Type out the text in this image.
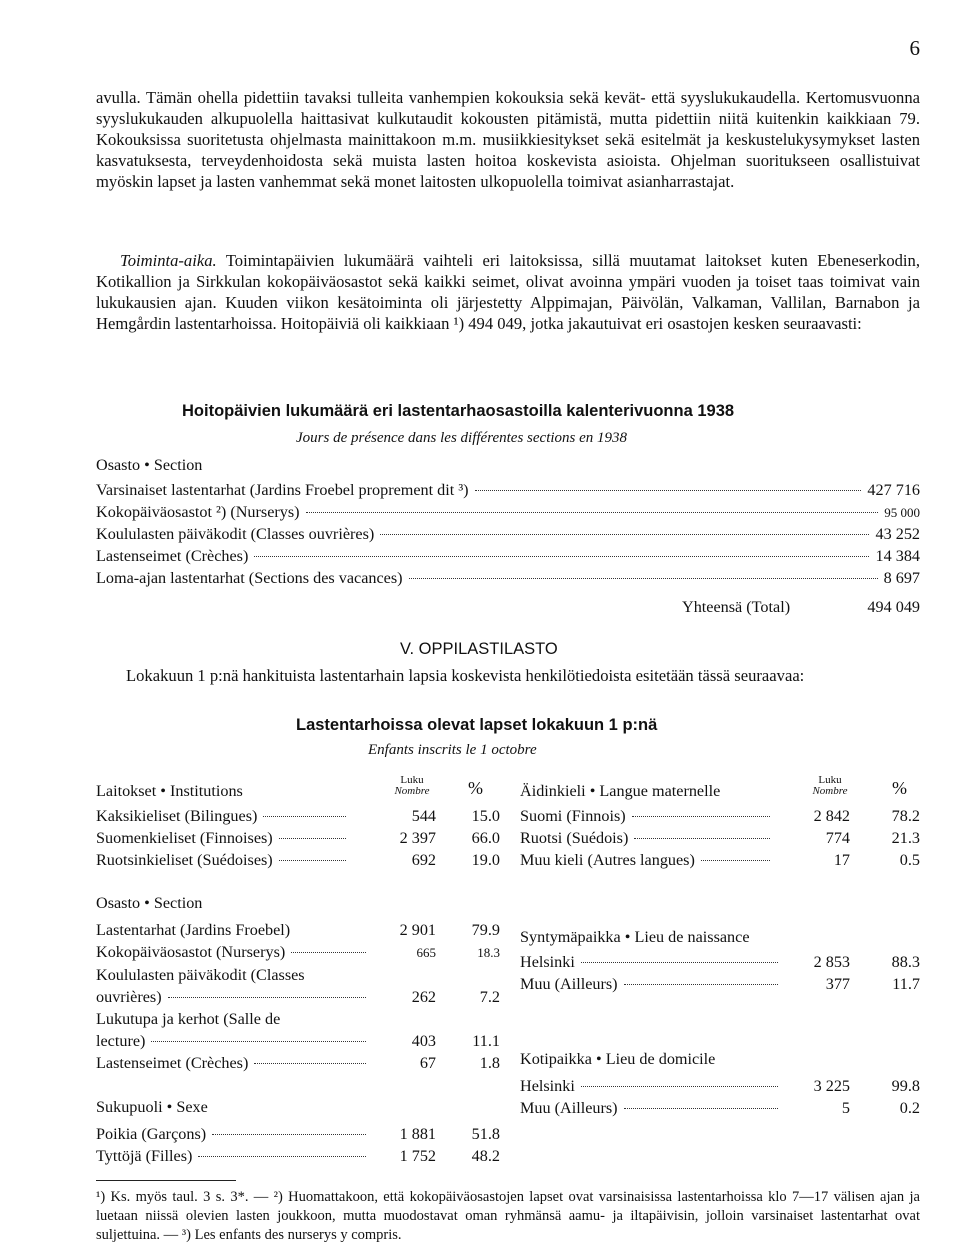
6
avulla. Tämän ohella pidettiin tavaksi tulleita vanhempien kokouksia sekä kevät- että syyslukukaudella. Kertomusvuonna syyslukukauden alkupuolella haittasivat kulkutaudit kokousten pitämistä, mutta pidettiin niitä kuitenkin kaikkiaan 79. Kokouksissa suoritetusta ohjelmasta mainittakoon m.m. musiikkiesitykset sekä esitelmät ja keskustelukysymykset lasten kasvatuksesta, terveydenhoidosta sekä muista lasten hoitoa koskevista asioista. Ohjelman suoritukseen osallistuivat myöskin lapset ja lasten vanhemmat sekä monet laitosten ulkopuolella toimivat asianharrastajat.
Toiminta-aika. Toimintapäivien lukumäärä vaihteli eri laitoksissa, sillä muutamat laitokset kuten Ebeneserkodin, Kotikallion ja Sirkkulan kokopäiväosastot sekä kaikki seimet, olivat avoinna ympäri vuoden ja toiset taas toimivat vain lukukausien ajan. Kuuden viikon kesätoiminta oli järjestetty Alppimajan, Päivölän, Valkaman, Vallilan, Barnabon ja Hemgårdin lastentarhoissa. Hoitopäiviä oli kaikkiaan ¹) 494 049, jotka jakautuivat eri osastojen kesken seuraavasti:
Hoitopäivien lukumäärä eri lastentarhaosastoilla kalenterivuonna 1938
Jours de présence dans les différentes sections en 1938
Osasto • Section
Varsinaiset lastentarhat (Jardins Froebel proprement dit ³)	427 716
Kokopäiväosastot ²) (Nurserys)	95 000
Koululasten päiväkodit (Classes ouvrières)	43 252
Lastenseimet (Crèches)	14 384
Loma-ajan lastentarhat (Sections des vacances)	8 697
Yhteensä (Total)	494 049
V. OPPILASTILASTO
Lokakuun 1 p:nä hankituista lastentarhain lapsia koskevista henkilötiedoista esitetään tässä seuraavaa:
Lastentarhoissa olevat lapset lokakuun 1 p:nä
Enfants inscrits le 1 octobre
Laitokset • Institutions
Luku
Nombre	% Äidinkieli • Langue maternelle
Luku
Nombre	%
Kaksikieliset (Bilingues)	544	15.0
Suomenkieliset (Finnoises)	2 397	66.0
Ruotsinkieliset (Suédoises)	692	19.0
Suomi (Finnois)	2 842	78.2
Ruotsi (Suédois)	774	21.3
Muu kieli (Autres langues)	17	0.5
Osasto • Section
Lastentarhat (Jardins Froebel)	2 901	79.9
Kokopäiväosastot (Nurserys)	665	18.3
Koululasten päiväkodit (Classes
ouvrières)	262	7.2
Lukutupa ja kerhot (Salle de
lecture)	403	11.1
Lastenseimet (Crèches)	67	1.8
Sukupuoli • Sexe
Poikia (Garçons)	1 881	51.8
Tyttöjä (Filles)	1 752	48.2
Syntymäpaikka • Lieu de naissance
Helsinki	2 853	88.3
Muu (Ailleurs)	377	11.7
Kotipaikka • Lieu de domicile
Helsinki	3 225	99.8
Muu (Ailleurs)	5	0.2
¹) Ks. myös taul. 3 s. 3*. — ²) Huomattakoon, että kokopäiväosastojen lapset ovat varsinaisissa lastentarhoissa klo 7—17 välisen ajan ja luetaan niissä olevien lasten joukkoon, mutta muodostavat oman ryhmänsä aamu- ja iltapäivisin, jolloin varsinaiset lastentarhat ovat suljettuina. — ³) Les enfants des nurserys y compris.
